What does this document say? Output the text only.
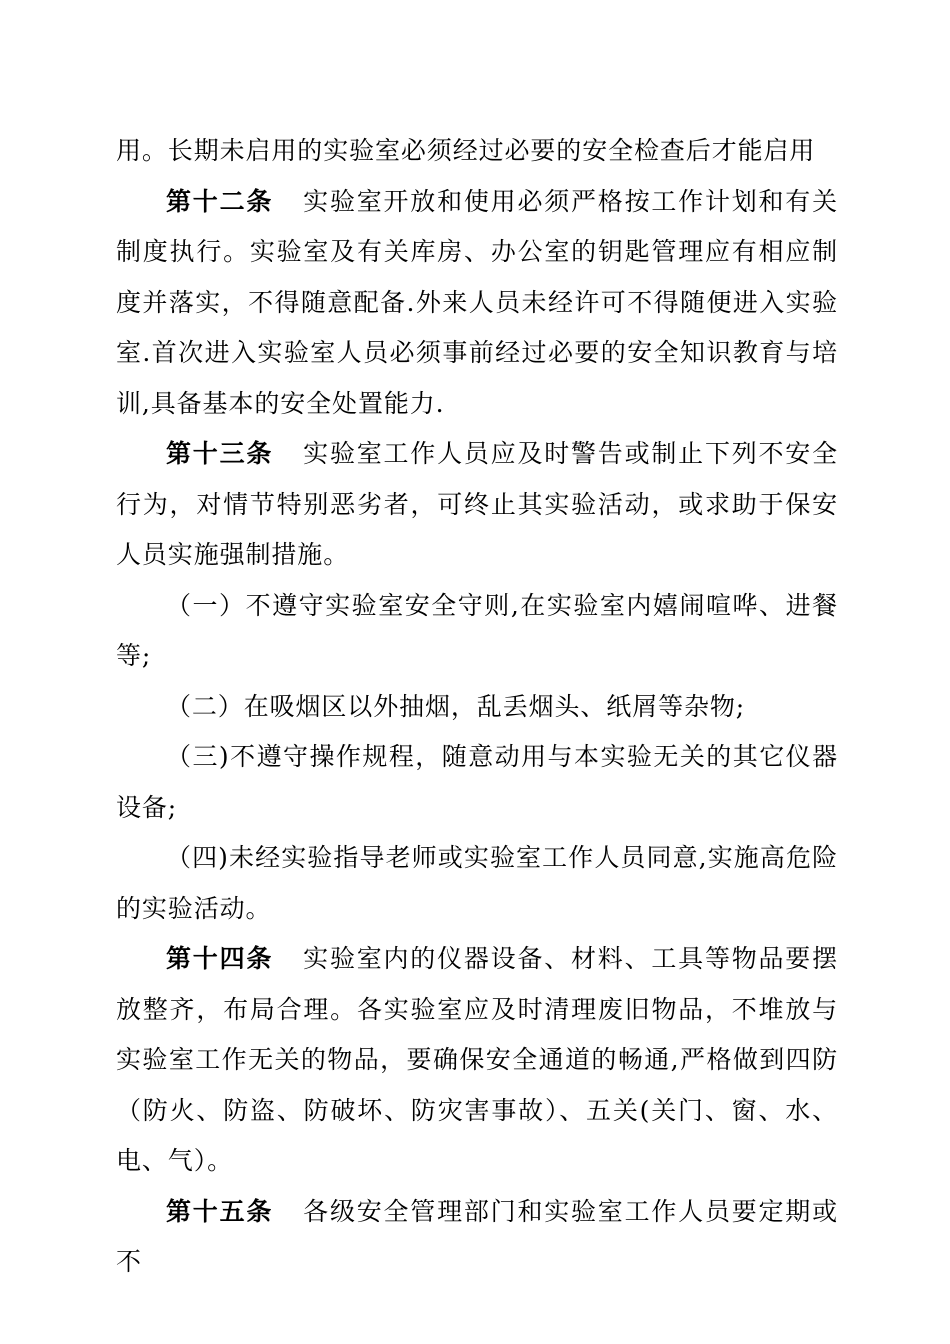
用。长期未启用的实验室必须经过必要的安全检查后才能启用

第十二条 实验室开放和使用必须严格按工作计划和有关制度执行。实验室及有关库房、办公室的钥匙管理应有相应制度并落实，不得随意配备.外来人员未经许可不得随便进入实验室.首次进入实验室人员必须事前经过必要的安全知识教育与培训,具备基本的安全处置能力.

第十三条 实验室工作人员应及时警告或制止下列不安全行为，对情节特别恶劣者，可终止其实验活动，或求助于保安人员实施强制措施。

（一）不遵守实验室安全守则,在实验室内嬉闹喧哗、进餐等;

（二）在吸烟区以外抽烟，乱丢烟头、纸屑等杂物;

（三)不遵守操作规程，随意动用与本实验无关的其它仪器设备;

（四)未经实验指导老师或实验室工作人员同意,实施高危险的实验活动。

第十四条 实验室内的仪器设备、材料、工具等物品要摆放整齐，布局合理。各实验室应及时清理废旧物品，不堆放与实验室工作无关的物品，要确保安全通道的畅通,严格做到四防（防火、防盗、防破坏、防灾害事故）、五关(关门、窗、水、电、气）。

第十五条 各级安全管理部门和实验室工作人员要定期或不
